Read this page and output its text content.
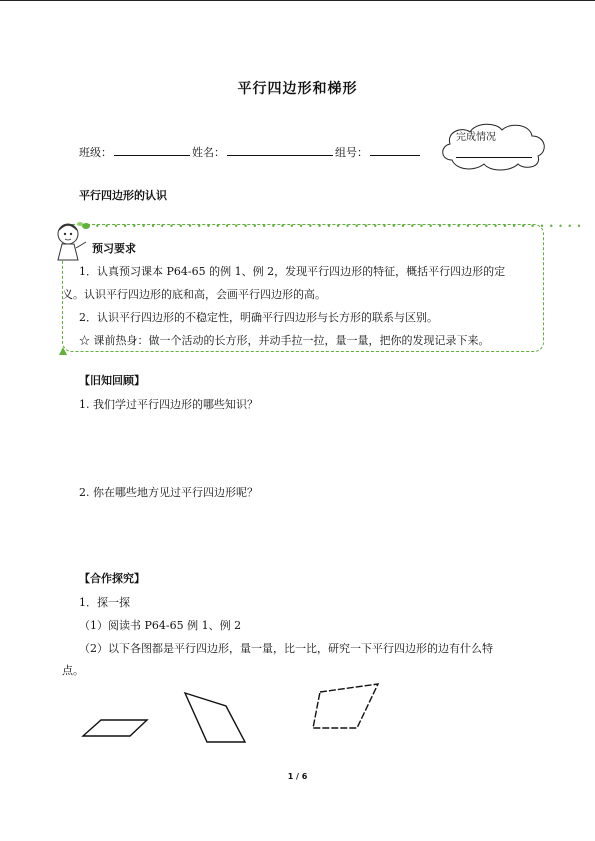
平行四边形和梯形
班级：	姓名：	组号：
完成情况
平行四边形的认识
• • • • • • • • • • • • • • • • • • • • • • • • • • • • • • • • • • • • • • • • • • • • • • • • • • • • •
预习要求
1．认真预习课本 P64-65 的例 1、例 2，发现平行四边形的特征，概括平行四边形的定
义。认识平行四边形的底和高，会画平行四边形的高。
2．认识平行四边形的不稳定性，明确平行四边形与长方形的联系与区别。
☆ 课前热身：做一个活动的长方形，并动手拉一拉，量一量，把你的发现记录下来。
【旧知回顾】
1. 我们学过平行四边形的哪些知识？
2. 你在哪些地方见过平行四边形呢？
【合作探究】
1．探一探
（1）阅读书 P64-65 例 1、例 2
（2）以下各图都是平行四边形，量一量，比一比，研究一下平行四边形的边有什么特
点。
1 / 6
